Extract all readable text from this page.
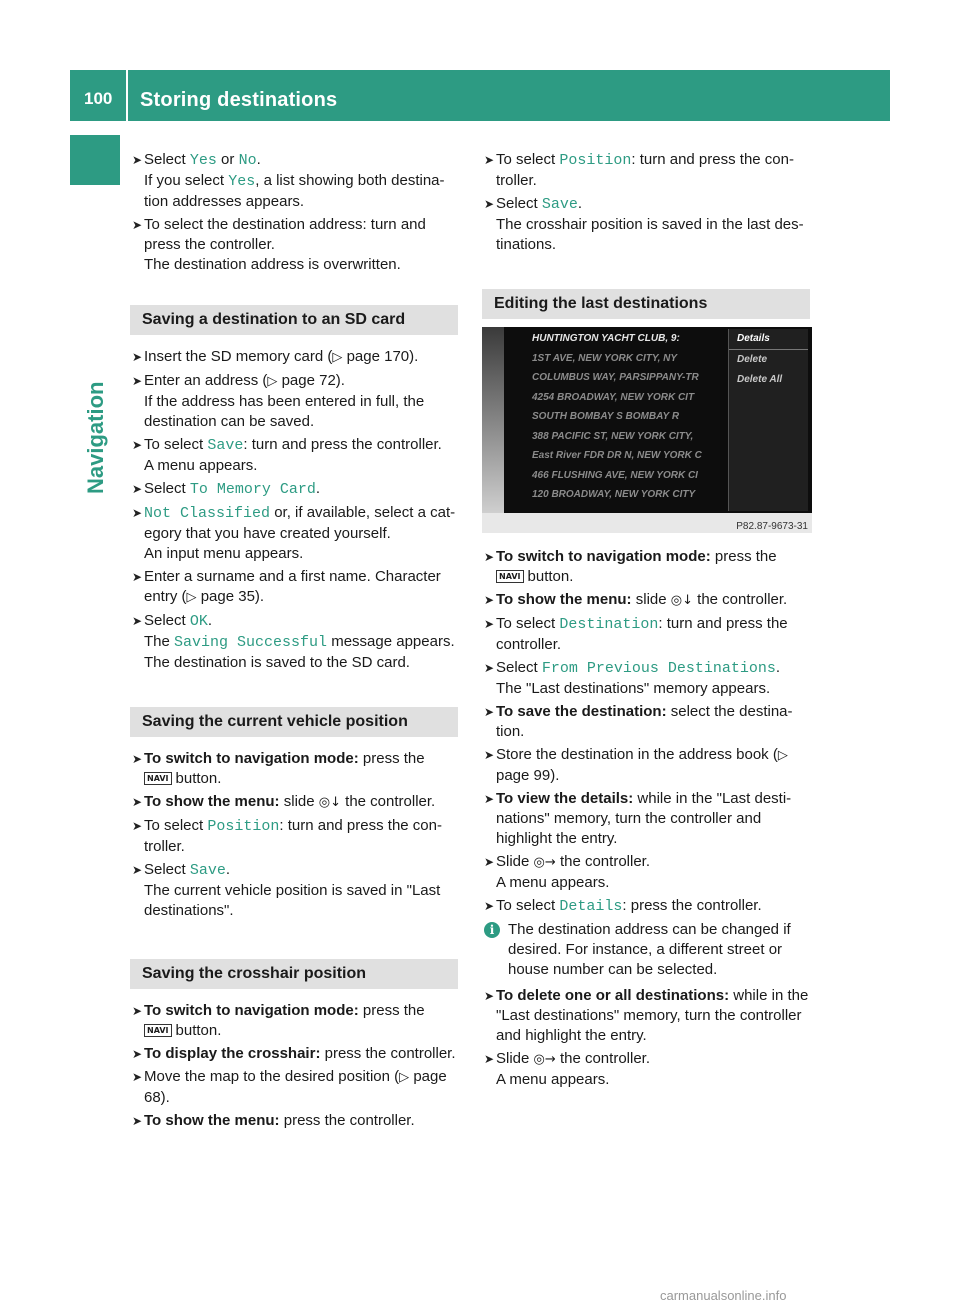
100 Storing destinations
Navigation
➤ Select Yes or No.
If you select Yes, a list showing both destination addresses appears.
➤ To select the destination address: turn and press the controller.
The destination address is overwritten.
Saving a destination to an SD card
➤ Insert the SD memory card (▷ page 170).
➤ Enter an address (▷ page 72).
If the address has been entered in full, the destination can be saved.
➤ To select Save: turn and press the controller.
A menu appears.
➤ Select To Memory Card.
➤ Not Classified or, if available, select a category that you have created yourself.
An input menu appears.
➤ Enter a surname and a first name. Character entry (▷ page 35).
➤ Select OK.
The Saving Successful message appears.
The destination is saved to the SD card.
Saving the current vehicle position
➤ To switch to navigation mode: press the
NAVI button.
➤ To show the menu: slide ◎↓ the controller.
➤ To select Position: turn and press the controller.
➤ Select Save.
The current vehicle position is saved in "Last destinations".
Saving the crosshair position
➤ To switch to navigation mode: press the
NAVI button.
➤ To display the crosshair: press the controller.
➤ Move the map to the desired position (▷ page 68).
➤ To show the menu: press the controller.
➤ To select Position: turn and press the controller.
➤ Select Save.
The crosshair position is saved in the last destinations.
Editing the last destinations
HUNTINGTON YACHT CLUB, 9:
1ST AVE, NEW YORK CITY, NY
COLUMBUS WAY, PARSIPPANY-TR
4254 BROADWAY, NEW YORK CIT
SOUTH BOMBAY S BOMBAY R
388 PACIFIC ST, NEW YORK CITY,
East River FDR DR N, NEW YORK C
466 FLUSHING AVE, NEW YORK CI
120 BROADWAY, NEW YORK CITY
Details
Delete
Delete All
P82.87-9673-31
➤ To switch to navigation mode: press the
NAVI button.
➤ To show the menu: slide ◎↓ the controller.
➤ To select Destination: turn and press the controller.
➤ Select From Previous Destinations.
The "Last destinations" memory appears.
➤ To save the destination: select the destination.
➤ Store the destination in the address book (▷ page 99).
➤ To view the details: while in the "Last destinations" memory, turn the controller and highlight the entry.
➤ Slide ◎→ the controller.
A menu appears.
➤ To select Details: press the controller.
i The destination address can be changed if desired. For instance, a different street or house number can be selected.
➤ To delete one or all destinations: while in the "Last destinations" memory, turn the controller and highlight the entry.
➤ Slide ◎→ the controller.
A menu appears.
carmanualsonline.info
